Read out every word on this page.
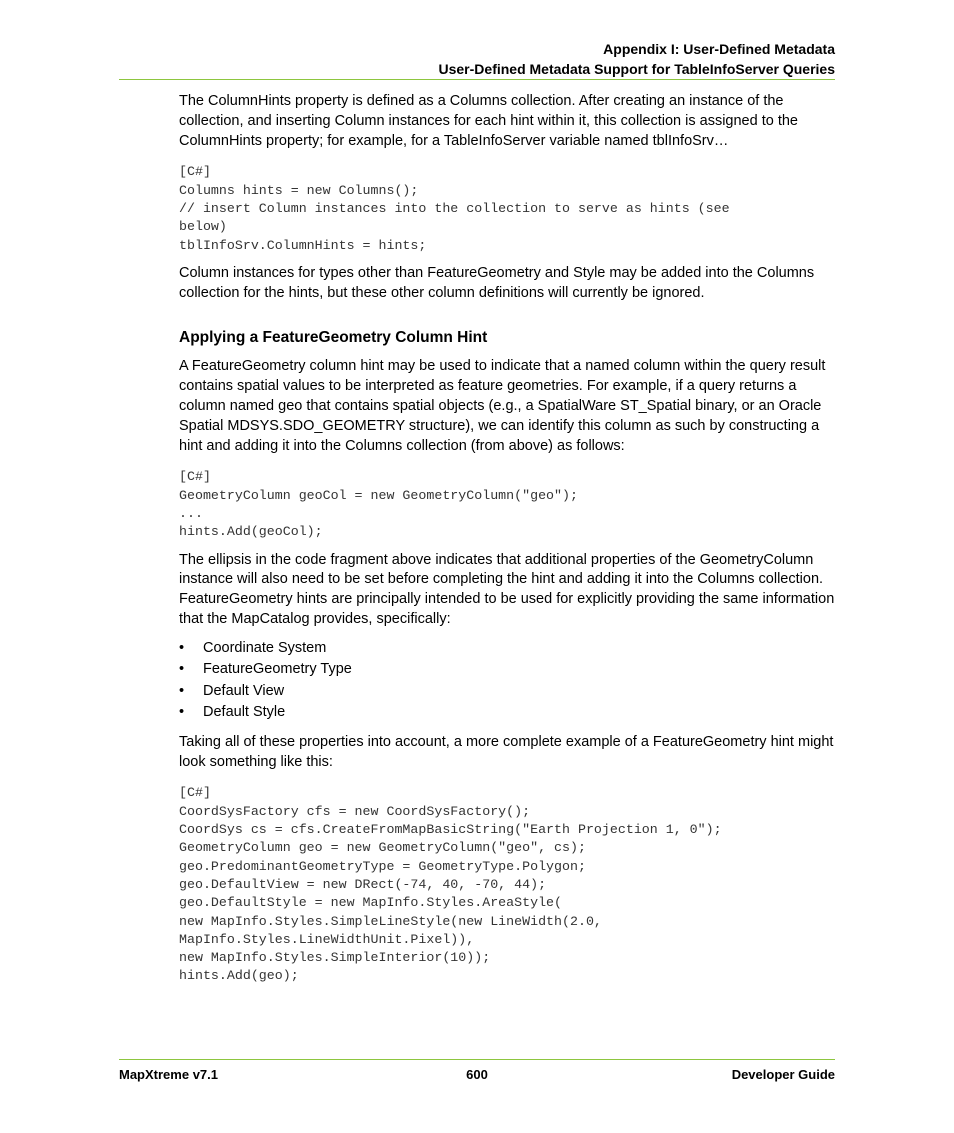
Appendix I: User-Defined Metadata
User-Defined Metadata Support for TableInfoServer Queries

The ColumnHints property is defined as a Columns collection. After creating an instance of the collection, and inserting Column instances for each hint within it, this collection is assigned to the ColumnHints property; for example, for a TableInfoServer variable named tblInfoSrv…

[C#]
Columns hints = new Columns();
// insert Column instances into the collection to serve as hints (see
below)
tblInfoSrv.ColumnHints = hints;

Column instances for types other than FeatureGeometry and Style may be added into the Columns collection for the hints, but these other column definitions will currently be ignored.

Applying a FeatureGeometry Column Hint

A FeatureGeometry column hint may be used to indicate that a named column within the query result contains spatial values to be interpreted as feature geometries. For example, if a query returns a column named geo that contains spatial objects (e.g., a SpatialWare ST_Spatial binary, or an Oracle Spatial MDSYS.SDO_GEOMETRY structure), we can identify this column as such by constructing a hint and adding it into the Columns collection (from above) as follows:

[C#]
GeometryColumn geoCol = new GeometryColumn("geo");
...
hints.Add(geoCol);

The ellipsis in the code fragment above indicates that additional properties of the GeometryColumn instance will also need to be set before completing the hint and adding it into the Columns collection. FeatureGeometry hints are principally intended to be used for explicitly providing the same information that the MapCatalog provides, specifically:

• Coordinate System
• FeatureGeometry Type
• Default View
• Default Style

Taking all of these properties into account, a more complete example of a FeatureGeometry hint might look something like this:

[C#]
CoordSysFactory cfs = new CoordSysFactory();
CoordSys cs = cfs.CreateFromMapBasicString("Earth Projection 1, 0");
GeometryColumn geo = new GeometryColumn("geo", cs);
geo.PredominantGeometryType = GeometryType.Polygon;
geo.DefaultView = new DRect(-74, 40, -70, 44);
geo.DefaultStyle = new MapInfo.Styles.AreaStyle(
new MapInfo.Styles.SimpleLineStyle(new LineWidth(2.0,
MapInfo.Styles.LineWidthUnit.Pixel)),
new MapInfo.Styles.SimpleInterior(10));
hints.Add(geo);
MapXtreme v7.1	600	Developer Guide
